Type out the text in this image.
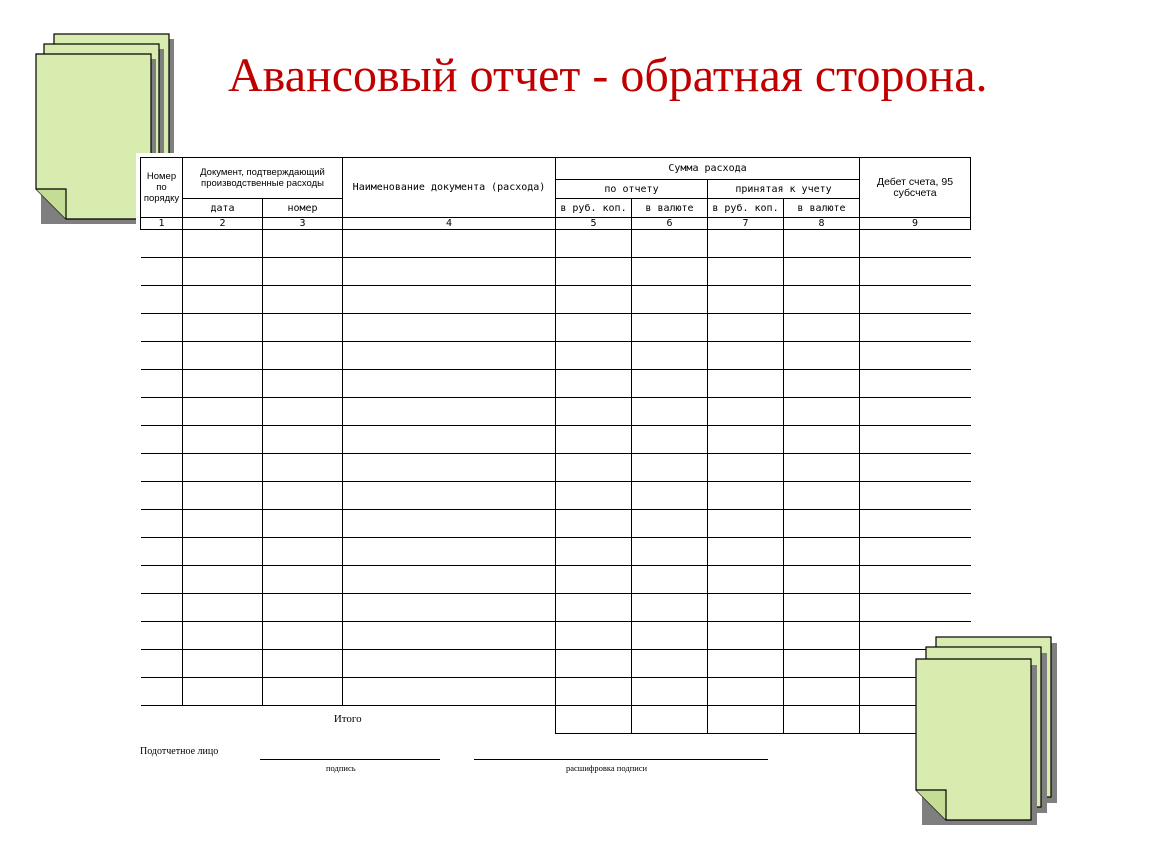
Авансовый отчет - обратная сторона.
Номер по порядку	Документ, подтверждающий производственные расходы		Наименование документа (расхода)	Сумма расхода				Дебет счета, 95 субсчета
				по отчету		принятая к учету		
	дата	номер		в руб. коп.	в валюте	в руб. коп.	в валюте	
1	2	3	4	5	6	7	8	9

Итого								
Подотчетное лицо
подпись	расшифровка подписи
